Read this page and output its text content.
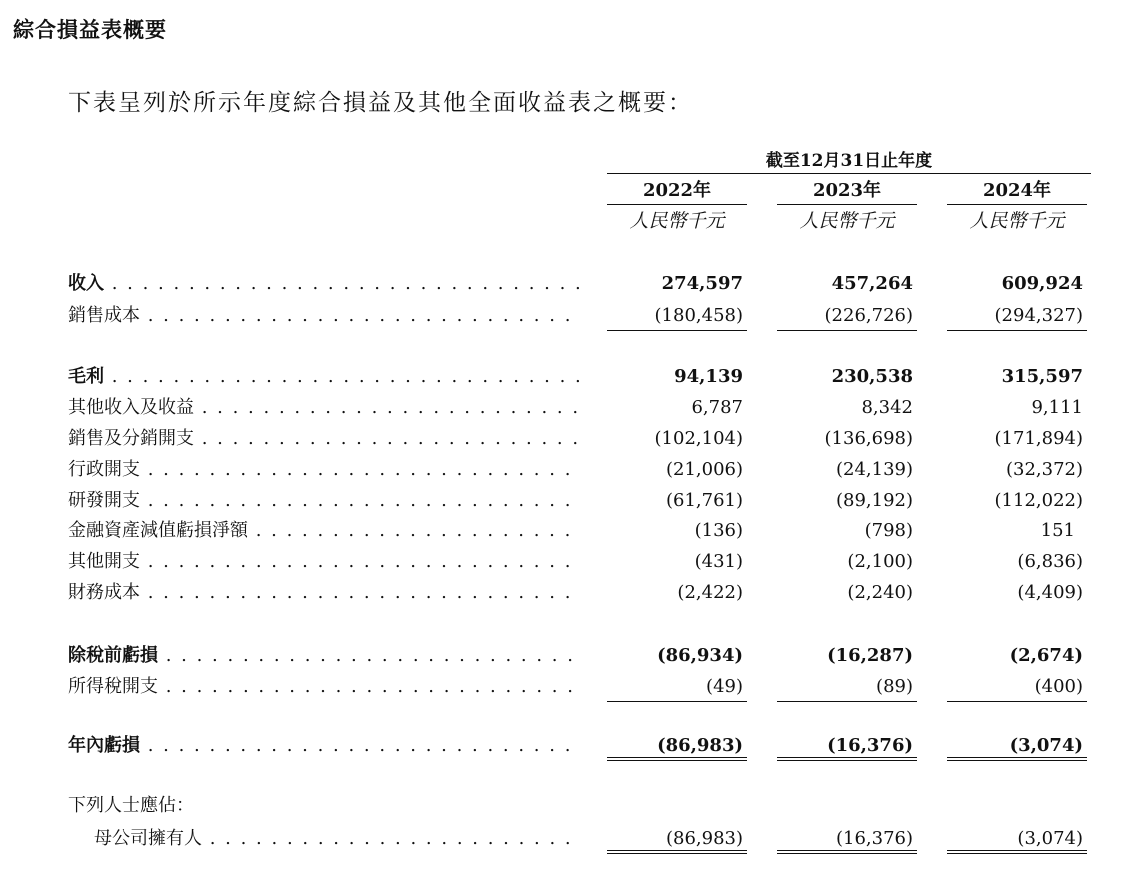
綜合損益表概要
下表呈列於所示年度綜合損益及其他全面收益表之概要：
截至12月31日止年度
2022年
人民幣千元
2023年
人民幣千元
2024年
人民幣千元
收入 . . .	274,597	457,264	609,924
銷售成本 . . .	(180,458)	(226,726)	(294,327)
毛利 . . .	94,139	230,538	315,597
其他收入及收益 . . .	6,787	8,342	9,111
銷售及分銷開支 . . .	(102,104)	(136,698)	(171,894)
行政開支 . . .	(21,006)	(24,139)	(32,372)
研發開支 . . .	(61,761)	(89,192)	(112,022)
金融資產減值虧損淨額 . . .	(136)	(798)	151
其他開支 . . .	(431)	(2,100)	(6,836)
財務成本 . . .	(2,422)	(2,240)	(4,409)
除稅前虧損 . . .	(86,934)	(16,287)	(2,674)
所得稅開支 . . .	(49)	(89)	(400)
年內虧損 . . .	(86,983)	(16,376)	(3,074)
下列人士應佔：
母公司擁有人 . . .	(86,983)	(16,376)	(3,074)
